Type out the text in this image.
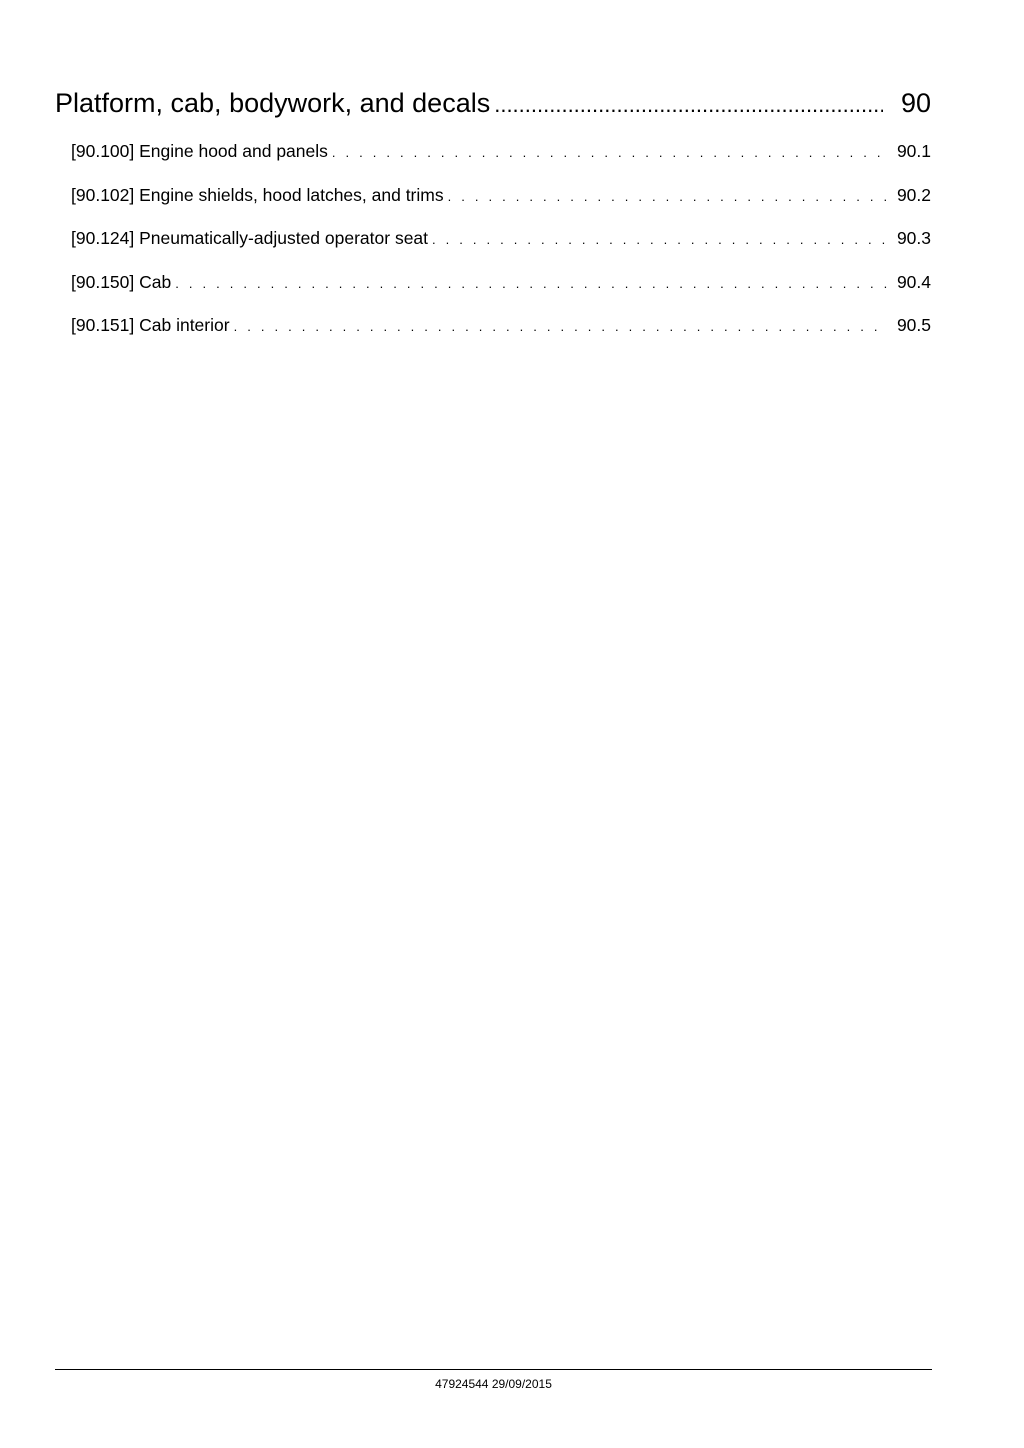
Platform, cab, bodywork, and decals .....	90
[90.100] Engine hood and panels . . .	90.1
[90.102] Engine shields, hood latches, and trims . . .	90.2
[90.124] Pneumatically-adjusted operator seat . . .	90.3
[90.150] Cab . . .	90.4
[90.151] Cab interior . . .	90.5
47924544 29/09/2015
